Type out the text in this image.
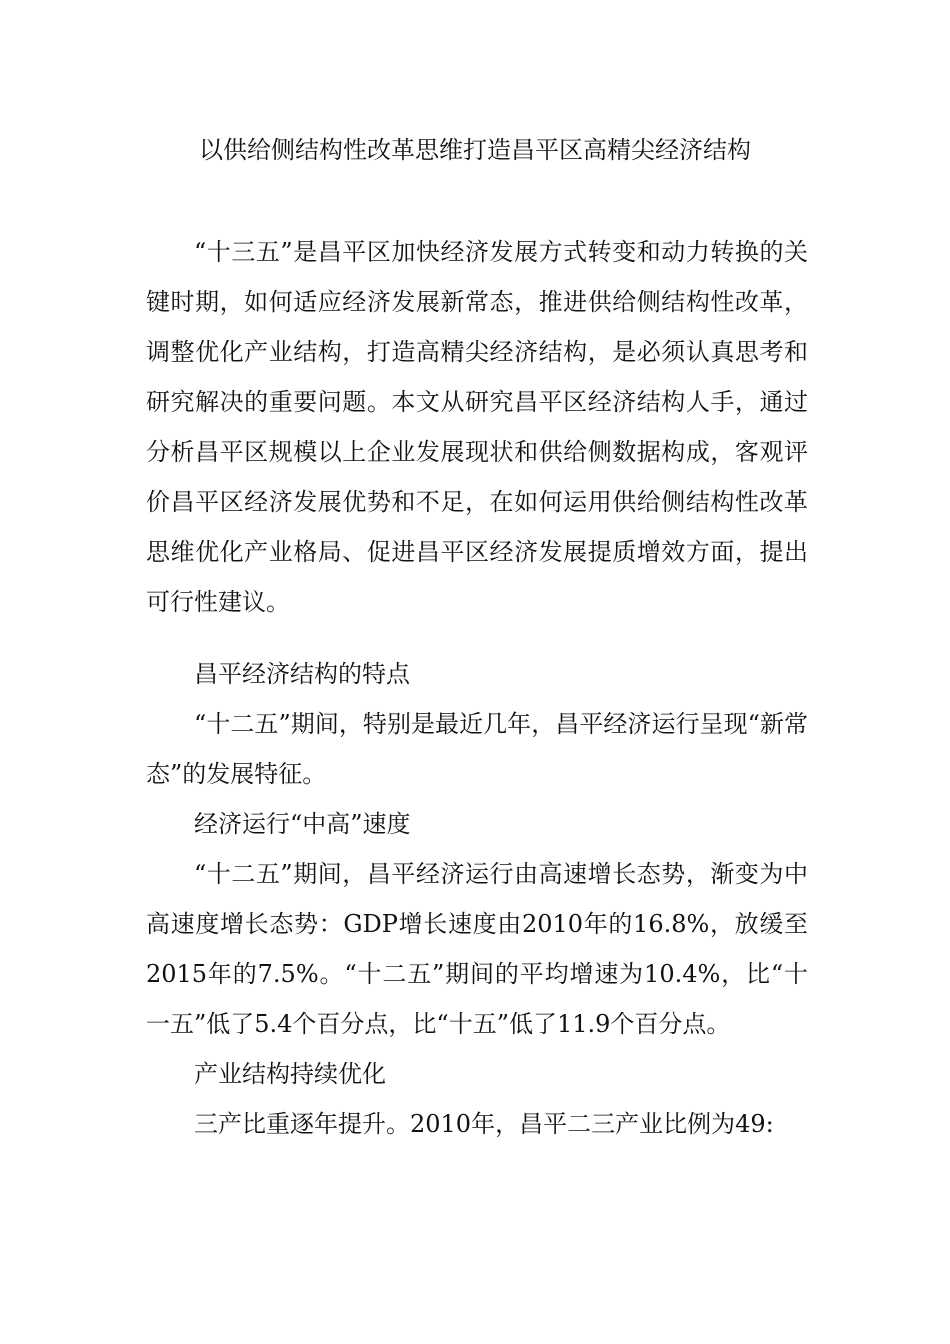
以供给侧结构性改革思维打造昌平区高精尖经济结构

“十三五”是昌平区加快经济发展方式转变和动力转换的关键时期，如何适应经济发展新常态，推进供给侧结构性改革，调整优化产业结构，打造高精尖经济结构，是必须认真思考和研究解决的重要问题。本文从研究昌平区经济结构人手，通过分析昌平区规模以上企业发展现状和供给侧数据构成，客观评价昌平区经济发展优势和不足，在如何运用供给侧结构性改革思维优化产业格局、促进昌平区经济发展提质增效方面，提出可行性建议。

昌平经济结构的特点

“十二五”期间，特别是最近几年，昌平经济运行呈现“新常态”的发展特征。

经济运行“中高”速度

“十二五”期间，昌平经济运行由高速增长态势，渐变为中高速度增长态势：GDP增长速度由2010年的16.8%，放缓至2015年的7.5%。“十二五”期间的平均增速为10.4%，比“十一五”低了5.4个百分点，比“十五”低了11.9个百分点。

产业结构持续优化

三产比重逐年提升。2010年，昌平二三产业比例为49:
